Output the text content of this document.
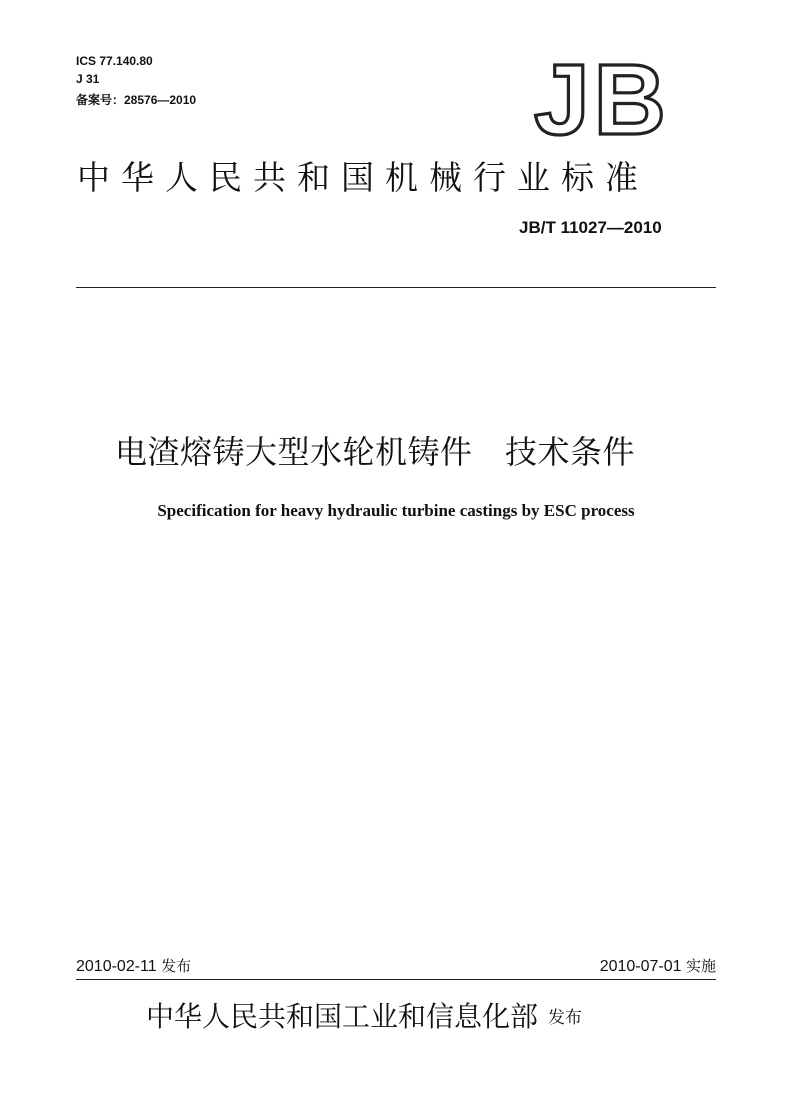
ICS 77.140.80
J 31
备案号：28576—2010	JB
中华人民共和国机械行业标准
JB/T 11027—2010
电渣熔铸大型水轮机铸件　技术条件
Specification for heavy hydraulic turbine castings by ESC process
2010-02-11 发布	2010-07-01 实施
中华人民共和国工业和信息化部 发布
